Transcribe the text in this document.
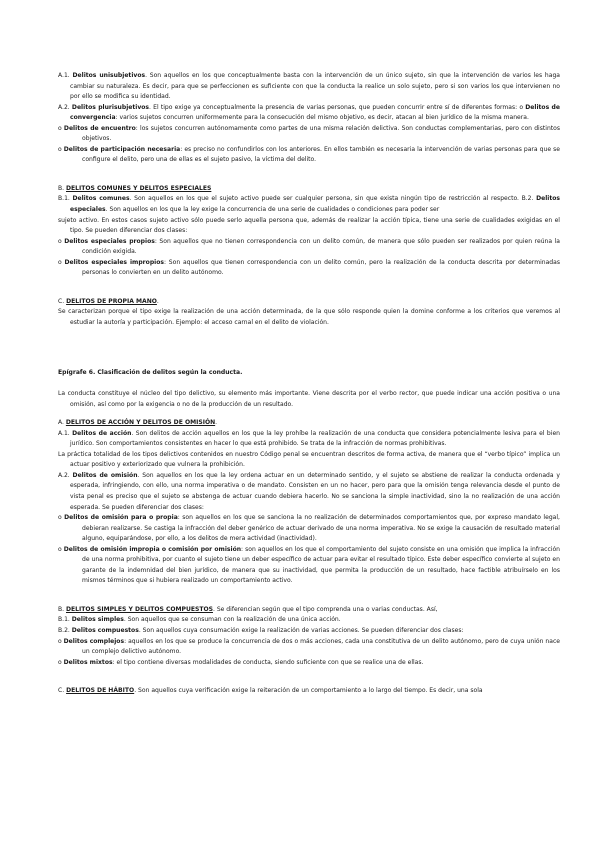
A.1. Delitos unisubjetivos. Son aquellos en los que conceptualmente basta con la intervención de un único sujeto, sin que la intervención de varios les haga cambiar su naturaleza. Es decir, para que se perfeccionen es suficiente con que la conducta la realice un solo sujeto, pero si son varios los que intervienen no por ello se modifica su identidad.

A.2. Delitos plurisubjetivos. El tipo exige ya conceptualmente la presencia de varias personas, que pueden concurrir entre sí de diferentes formas: o Delitos de convergencia: varios sujetos concurren uniformemente para la consecución del mismo objetivo, es decir, atacan al bien jurídico de la misma manera.

o Delitos de encuentro: los sujetos concurren autónomamente como partes de una misma relación delictiva. Son conductas complementarias, pero con distintos objetivos.

o Delitos de participación necesaria: es preciso no confundirlos con los anteriores. En ellos también es necesaria la intervención de varias personas para que se configure el delito, pero una de ellas es el sujeto pasivo, la víctima del delito.

B. DELITOS COMUNES Y DELITOS ESPECIALES

B.1. Delitos comunes. Son aquellos en los que el sujeto activo puede ser cualquier persona, sin que exista ningún tipo de restricción al respecto. B.2. Delitos especiales. Son aquellos en los que la ley exige la concurrencia de una serie de cualidades o condiciones para poder ser

sujeto activo. En estos casos sujeto activo sólo puede serlo aquella persona que, además de realizar la acción típica, tiene una serie de cualidades exigidas en el tipo. Se pueden diferenciar dos clases:

o Delitos especiales propios: Son aquellos que no tienen correspondencia con un delito común, de manera que sólo pueden ser realizados por quien reúna la condición exigida.

o Delitos especiales impropios: Son aquellos que tienen correspondencia con un delito común, pero la realización de la conducta descrita por determinadas personas lo convierten en un delito autónomo.

C. DELITOS DE PROPIA MANO.

Se caracterizan porque el tipo exige la realización de una acción determinada, de la que sólo responde quien la domine conforme a los criterios que veremos al estudiar la autoría y participación. Ejemplo: el acceso carnal en el delito de violación.

Epígrafe 6. Clasificación de delitos según la conducta.

La conducta constituye el núcleo del tipo delictivo, su elemento más importante. Viene descrita por el verbo rector, que puede indicar una acción positiva o una omisión, así como por la exigencia o no de la producción de un resultado.

A. DELITOS DE ACCIÓN Y DELITOS DE OMISIÓN.

A.1. Delitos de acción. Son delitos de acción aquellos en los que la ley prohíbe la realización de una conducta que considera potencialmente lesiva para el bien jurídico. Son comportamientos consistentes en hacer lo que está prohibido. Se trata de la infracción de normas prohibitivas.

La práctica totalidad de los tipos delictivos contenidos en nuestro Código penal se encuentran descritos de forma activa, de manera que el “verbo típico” implica un actuar positivo y exteriorizado que vulnera la prohibición.

A.2. Delitos de omisión. Son aquellos en los que la ley ordena actuar en un determinado sentido, y el sujeto se abstiene de realizar la conducta ordenada y esperada, infringiendo, con ello, una norma imperativa o de mandato. Consisten en un no hacer, pero para que la omisión tenga relevancia desde el punto de vista penal es preciso que el sujeto se abstenga de actuar cuando debiera hacerlo. No se sanciona la simple inactividad, sino la no realización de una acción esperada. Se pueden diferenciar dos clases:

o Delitos de omisión para o propia: son aquellos en los que se sanciona la no realización de determinados comportamientos que, por expreso mandato legal, debieran realizarse. Se castiga la infracción del deber genérico de actuar derivado de una norma imperativa. No se exige la causación de resultado material alguno, equiparándose, por ello, a los delitos de mera actividad (inactividad).

o Delitos de omisión impropia o comisión por omisión: son aquellos en los que el comportamiento del sujeto consiste en una omisión que implica la infracción de una norma prohibitiva, por cuanto el sujeto tiene un deber específico de actuar para evitar el resultado típico. Este deber específico convierte al sujeto en garante de la indemnidad del bien jurídico, de manera que su inactividad, que permita la producción de un resultado, hace factible atribuírselo en los mismos términos que si hubiera realizado un comportamiento activo.

B. DELITOS SIMPLES Y DELITOS COMPUESTOS. Se diferencian según que el tipo comprenda una o varias conductas. Así,

B.1. Delitos simples. Son aquellos que se consuman con la realización de una única acción.

B.2. Delitos compuestos. Son aquellos cuya consumación exige la realización de varias acciones. Se pueden diferenciar dos clases:

o Delitos complejos: aquellos en los que se produce la concurrencia de dos o más acciones, cada una constitutiva de un delito autónomo, pero de cuya unión nace un complejo delictivo autónomo.

o Delitos mixtos: el tipo contiene diversas modalidades de conducta, siendo suficiente con que se realice una de ellas.

C. DELITOS DE HÁBITO. Son aquellos cuya verificación exige la reiteración de un comportamiento a lo largo del tiempo. Es decir, una sola
